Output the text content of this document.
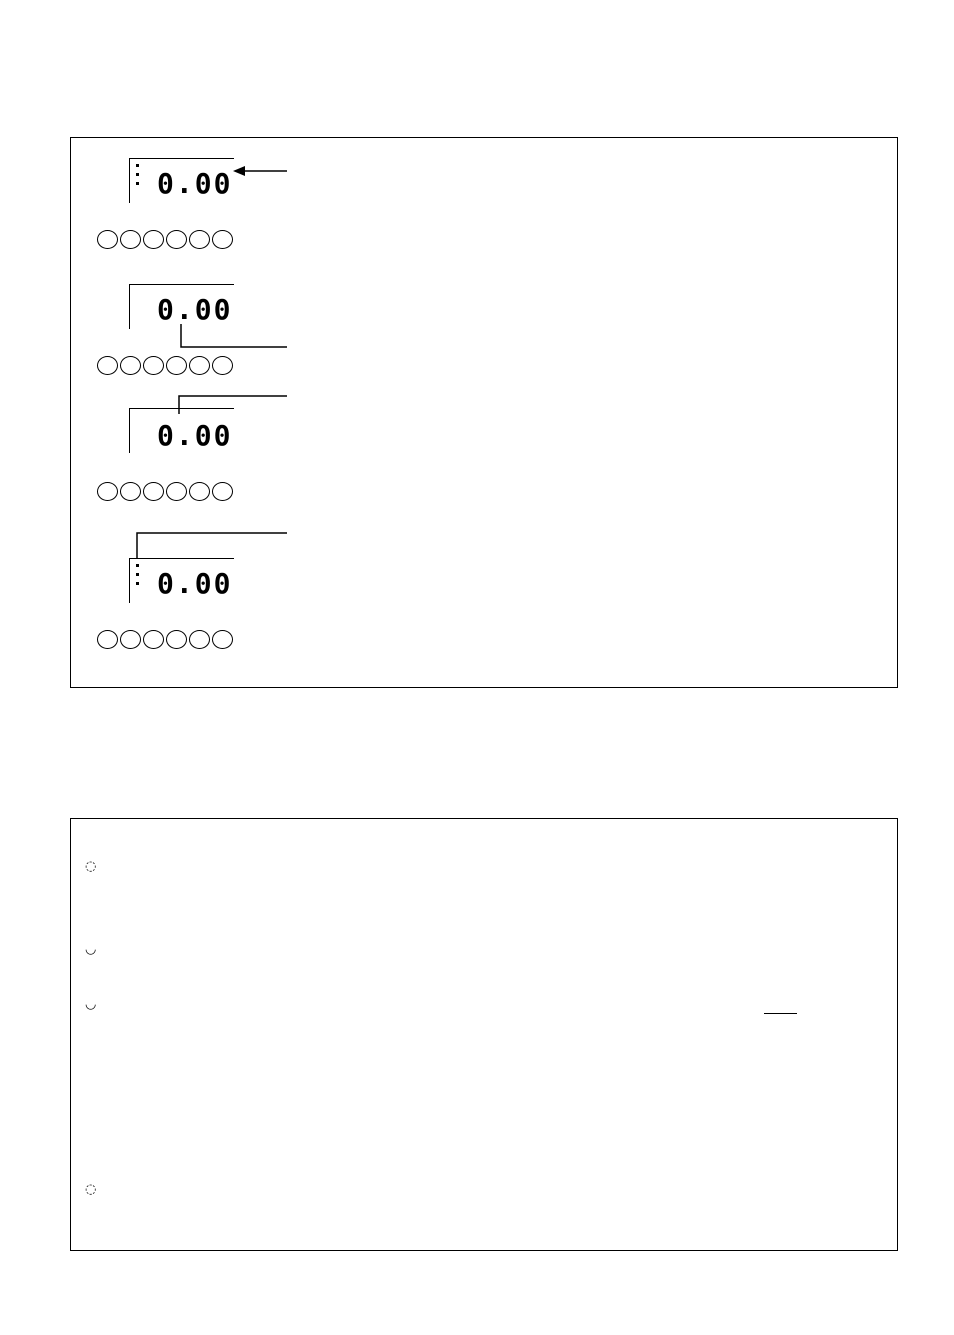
0.00
0.00
0.00
0.00
◌
◡
◡
◌
